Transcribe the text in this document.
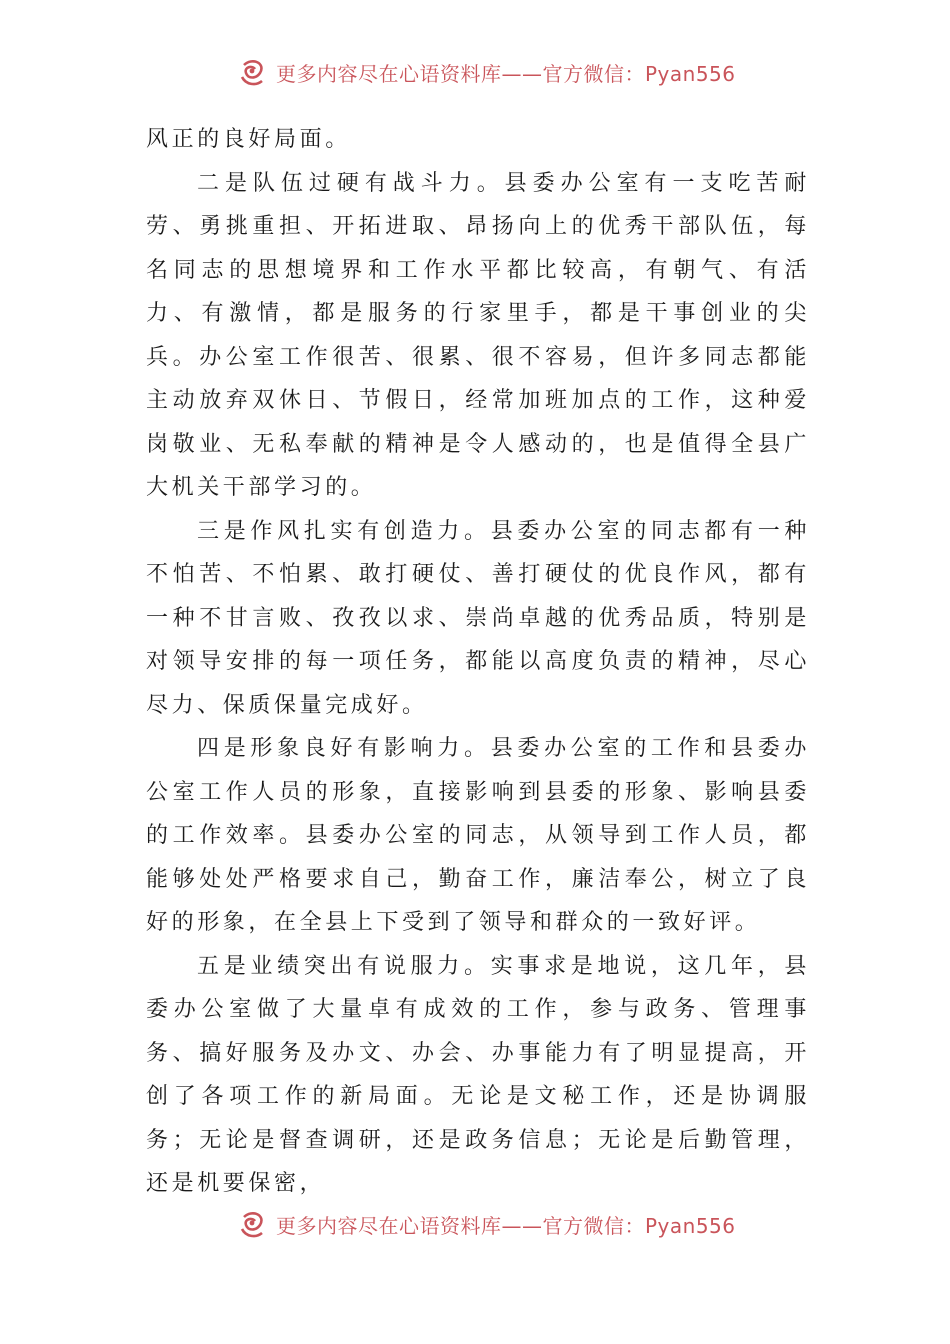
更多内容尽在心语资料库——官方微信：Pyan556

风正的良好局面。

二是队伍过硬有战斗力。县委办公室有一支吃苦耐劳、勇挑重担、开拓进取、昂扬向上的优秀干部队伍，每名同志的思想境界和工作水平都比较高，有朝气、有活力、有激情，都是服务的行家里手，都是干事创业的尖兵。办公室工作很苦、很累、很不容易，但许多同志都能主动放弃双休日、节假日，经常加班加点的工作，这种爱岗敬业、无私奉献的精神是令人感动的，也是值得全县广大机关干部学习的。

三是作风扎实有创造力。县委办公室的同志都有一种不怕苦、不怕累、敢打硬仗、善打硬仗的优良作风，都有一种不甘言败、孜孜以求、崇尚卓越的优秀品质，特别是对领导安排的每一项任务，都能以高度负责的精神，尽心尽力、保质保量完成好。

四是形象良好有影响力。县委办公室的工作和县委办公室工作人员的形象，直接影响到县委的形象、影响县委的工作效率。县委办公室的同志，从领导到工作人员，都能够处处严格要求自己，勤奋工作，廉洁奉公，树立了良好的形象，在全县上下受到了领导和群众的一致好评。

五是业绩突出有说服力。实事求是地说，这几年，县委办公室做了大量卓有成效的工作，参与政务、管理事务、搞好服务及办文、办会、办事能力有了明显提高，开创了各项工作的新局面。无论是文秘工作，还是协调服务；无论是督查调研，还是政务信息；无论是后勤管理，还是机要保密，

更多内容尽在心语资料库——官方微信：Pyan556
